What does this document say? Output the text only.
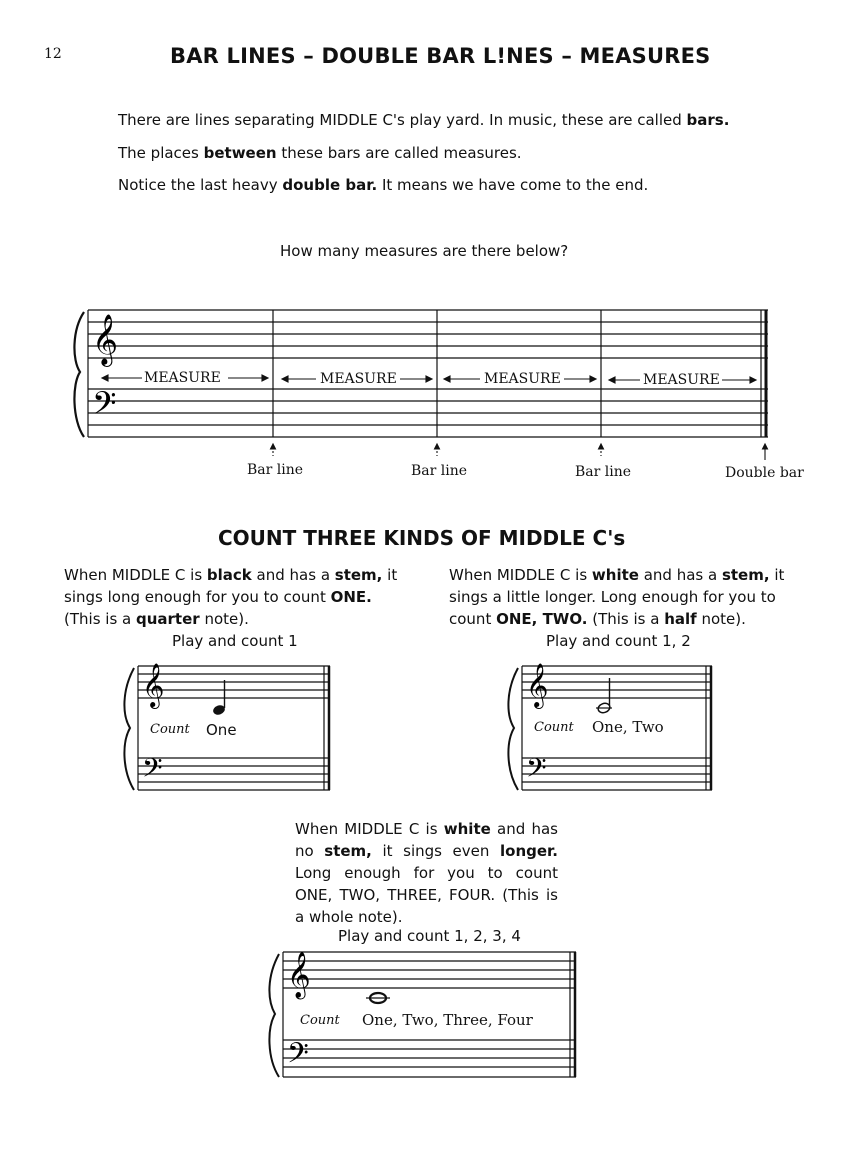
12	BAR LINES – DOUBLE BAR L!NES – MEASURES
There are lines separating MIDDLE C's play yard. In music, these are called bars.
The places between these bars are called measures.
Notice the last heavy double bar. It means we have come to the end.
How many measures are there below?
𝄞
𝄢
MEASURE	MEASURE	MEASURE	MEASURE
Bar line	Bar line	Bar line	Double bar
COUNT THREE KINDS OF MIDDLE C's
When MIDDLE C is black and has a stem, it sings long enough for you to count ONE. (This is a quarter note).
When MIDDLE C is white and has a stem, it sings a little longer. Long enough for you to count ONE, TWO. (This is a half note).
Play and count 1	Play and count 1, 2
𝄞
𝄢
Count One
𝄞
𝄢
Count One, Two
When MIDDLE C is white and has no stem, it sings even longer. Long enough for you to count ONE, TWO, THREE, FOUR. (This is a whole note).
Play and count 1, 2, 3, 4
𝄞
𝄢
Count One, Two, Three, Four
